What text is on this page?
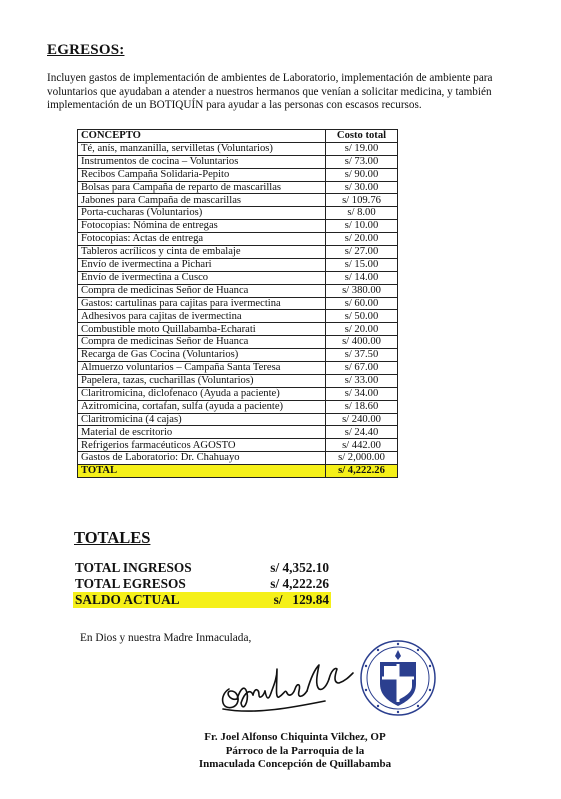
EGRESOS:
Incluyen gastos de implementación de ambientes de Laboratorio, implementación de ambiente para voluntarios que ayudaban a atender a nuestros hermanos que venían a solicitar medicina, y también implementación de un BOTIQUÍN para ayudar a las personas con escasos recursos.
CONCEPTO	Costo total
Té, anís, manzanilla, servilletas (Voluntarios)	s/ 19.00
Instrumentos de cocina – Voluntarios	s/ 73.00
Recibos Campaña Solidaria-Pepito	s/ 90.00
Bolsas para Campaña de reparto de mascarillas	s/ 30.00
Jabones para Campaña de mascarillas	s/ 109.76
Porta-cucharas (Voluntarios)	s/ 8.00
Fotocopias: Nómina de entregas	s/ 10.00
Fotocopias: Actas de entrega	s/ 20.00
Tableros acrílicos y cinta de embalaje	s/ 27.00
Envío de ivermectina a Pichari	s/ 15.00
Envío de ivermectina a Cusco	s/ 14.00
Compra de medicinas Señor de Huanca	s/ 380.00
Gastos: cartulinas para cajitas para ivermectina	s/ 60.00
Adhesivos para cajitas de ivermectina	s/ 50.00
Combustible moto Quillabamba-Echarati	s/ 20.00
Compra de medicinas Señor de Huanca	s/ 400.00
Recarga de Gas Cocina (Voluntarios)	s/ 37.50
Almuerzo voluntarios – Campaña Santa Teresa	s/ 67.00
Papelera, tazas, cucharillas (Voluntarios)	s/ 33.00
Claritromicina, diclofenaco (Ayuda a paciente)	s/ 34.00
Azitromicina, cortafan, sulfa (ayuda a paciente)	s/ 18.60
Claritromicina (4 cajas)	s/ 240.00
Material de escritorio	s/ 24.40
Refrigerios farmacéuticos AGOSTO	s/ 442.00
Gastos de Laboratorio: Dr. Chahuayo	s/ 2,000.00
TOTAL	s/ 4,222.26
TOTALES
TOTAL INGRESOS	s/ 4,352.10
TOTAL EGRESOS	s/ 4,222.26
SALDO ACTUAL	s/   129.84
En Dios y nuestra Madre Inmaculada,
Fr. Joel Alfonso Chiquinta Vilchez, OP
Párroco de la Parroquia de la
Inmaculada Concepción de Quillabamba
